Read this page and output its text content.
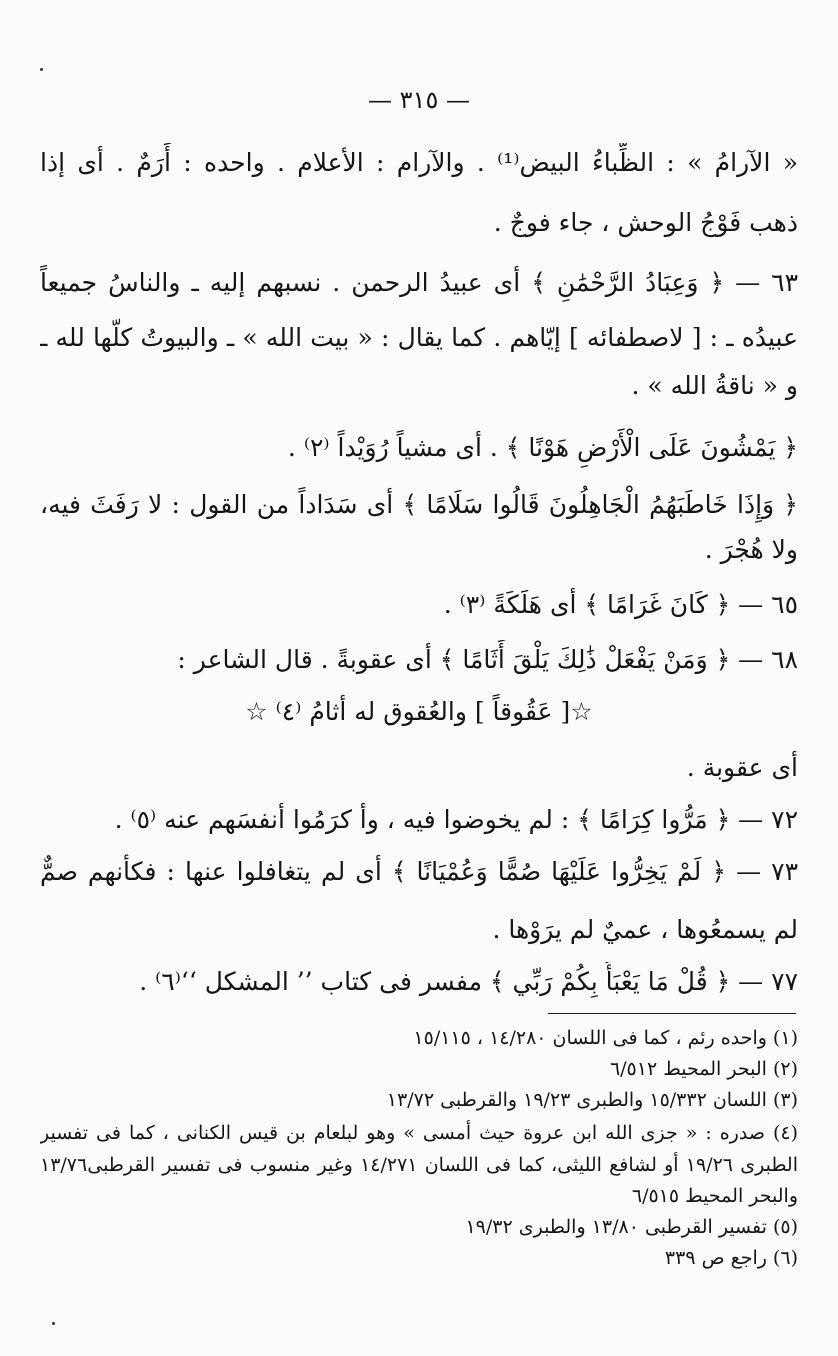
— ٣١٥ —
« الآرامُ » : الظِّباءُ البيض⁽¹⁾ . والآرام : الأعلام . واحده : أَرَمٌ . أى إذا
ذهب فَوْجُ الوحش ، جاء فوجٌ .
٦٣ — ﴿ وَعِبَادُ الرَّحْمَٰنِ ﴾ أى عبيدُ الرحمن . نسبهم إليه ـ والناسُ جميعاً
عبيدُه ـ : [ لاصطفائه ] إيّاهم . كما يقال : « بيت الله » ـ والبيوتُ كلّها لله ـ
و « ناقةُ الله » .
﴿ يَمْشُونَ عَلَى الْأَرْضِ هَوْنًا ﴾ . أى مشياً رُوَيْداً ⁽٢⁾ .
﴿ وَإِذَا خَاطَبَهُمُ الْجَاهِلُونَ قَالُوا سَلَامًا ﴾ أى سَدَاداً من القول : لا رَفَثَ فيه،
ولا هُجْرَ .
٦٥ — ﴿ كَانَ غَرَامًا ﴾ أى هَلَكَةً ⁽٣⁾ .
٦٨ — ﴿ وَمَنْ يَفْعَلْ ذَٰلِكَ يَلْقَ أَثَامًا ﴾ أى عقوبةً . قال الشاعر :
☆[ عَقُوقاً ] والعُقوق له أثامُ ⁽٤⁾ ☆
أى عقوبة .
٧٢ — ﴿ مَرُّوا كِرَامًا ﴾ : لم يخوضوا فيه ، وأ كرَمُوا أنفسَهم عنه ⁽٥⁾ .
٧٣ — ﴿ لَمْ يَخِرُّوا عَلَيْهَا صُمًّا وَعُمْيَانًا ﴾ أى لم يتغافلوا عنها : فكأنهم صمٌّ
لم يسمعُوها ، عميٌ لم يرَوْها .
٧٧ — ﴿ قُلْ مَا يَعْبَأُ بِكُمْ رَبِّي ﴾ مفسر فى كتاب ’’ المشكل ‘‘⁽٦⁾ .
(١) واحده رئم ، كما فى اللسان ١٤/٢٨٠ ، ١٥/١١٥
(٢) البحر المحيط ٦/٥١٢
(٣) اللسان ١٥/٣٣٢ والطبرى ١٩/٢٣ والقرطبى ١٣/٧٢
(٤) صدره : « جزى الله ابن عروة حيث أمسى » وهو لبلعام بن قيس الكنانى ، كما فى تفسير
الطبرى ١٩/٢٦ أو لشافع الليثى، كما فى اللسان ١٤/٢٧١ وغير منسوب فى تفسير القرطبى١٣/٧٦
والبحر المحيط ٦/٥١٥
(٥) تفسير القرطبى ١٣/٨٠ والطبرى ١٩/٣٢
(٦) راجع ص ٣٣٩
